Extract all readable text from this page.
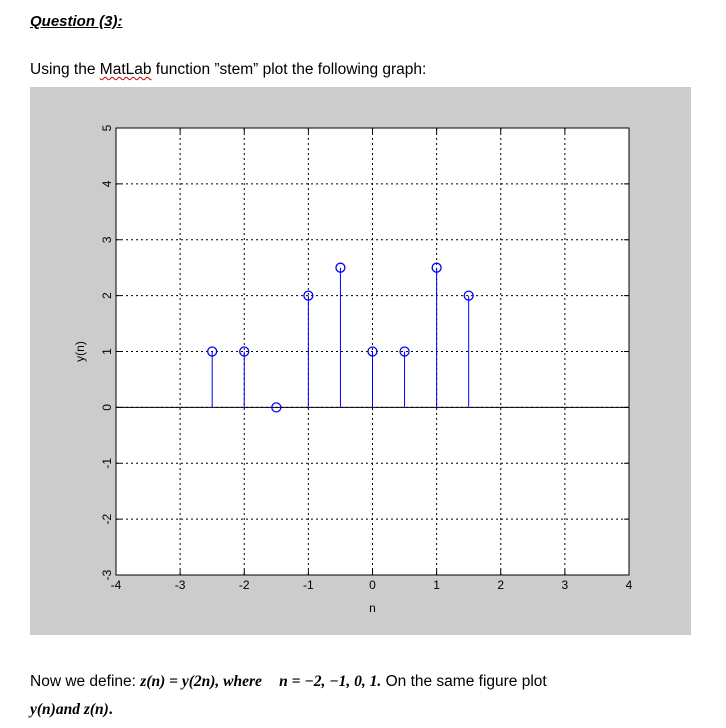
Question (3):
Using the MatLab function ”stem” plot the following graph:
-4	-3	-2	-1	0	1	2	3	4
-3
-2
-1
0
1
2
3
4
5
n
y(n)
Now we define: z(n) = y(2n), where n = −2, −1, 0, 1. On the same figure plot
y(n)and z(n).
